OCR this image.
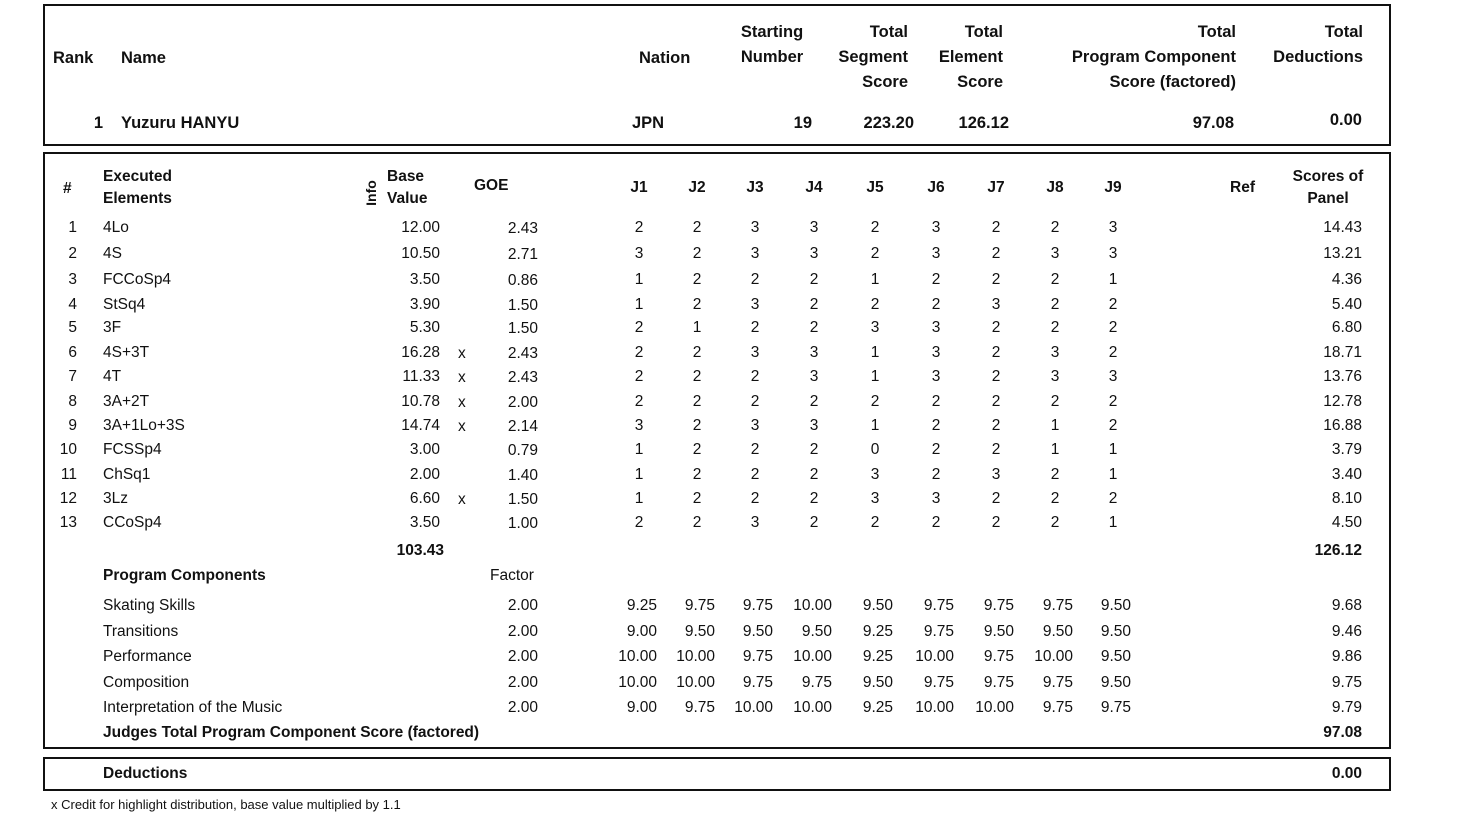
Rank Name	Nation
Starting
Number
Total
Segment
Score
Total
Element
Score
Total
Program Component
Score (factored)
Total
Deductions
1 Yuzuru HANYU	JPN	19	223.20	126.12	97.08	0.00
#
Executed
Elements	Info
Base
Value
GOE	J1	J2	J3	J4	J5	J6	J7	J8	J9	Ref
Scores of
Panel
1 4Lo	12.00	2.43	2	2	3	3	2	3	2	2	3	14.43
2 4S	10.50	2.71	3	2	3	3	2	3	2	3	3	13.21
3 FCCoSp4	3.50	0.86	1	2	2	2	1	2	2	2	1	4.36
4 StSq4	3.90	1.50	1	2	3	2	2	2	3	2	2	5.40
5 3F	5.30	1.50	2	1	2	2	3	3	2	2	2	6.80
6 4S+3T	16.28 x	2.43	2	2	3	3	1	3	2	3	2	18.71
7 4T	11.33 x	2.43	2	2	2	3	1	3	2	3	3	13.76
8 3A+2T	10.78 x	2.00	2	2	2	2	2	2	2	2	2	12.78
9 3A+1Lo+3S	14.74 x	2.14	3	2	3	3	1	2	2	1	2	16.88
10 FCSSp4	3.00	0.79	1	2	2	2	0	2	2	1	1	3.79
11 ChSq1	2.00	1.40	1	2	2	2	3	2	3	2	1	3.40
12 3Lz	6.60 x	1.50	1	2	2	2	3	3	2	2	2	8.10
13 CCoSp4	3.50	1.00	2	2	3	2	2	2	2	2	1	4.50
103.43	126.12
Program Components	Factor
Skating Skills	2.00	9.25	9.75	9.75	10.00	9.50	9.75	9.75	9.75	9.50	9.68
Transitions	2.00	9.00	9.50	9.50	9.50	9.25	9.75	9.50	9.50	9.50	9.46
Performance	2.00	10.00	10.00	9.75	10.00	9.25	10.00	9.75	10.00	9.50	9.86
Composition	2.00	10.00	10.00	9.75	9.75	9.50	9.75	9.75	9.75	9.50	9.75
Interpretation of the Music	2.00	9.00	9.75	10.00	10.00	9.25	10.00	10.00	9.75	9.75	9.79
Judges Total Program Component Score (factored)	97.08
Deductions	0.00
x Credit for highlight distribution, base value multiplied by 1.1
